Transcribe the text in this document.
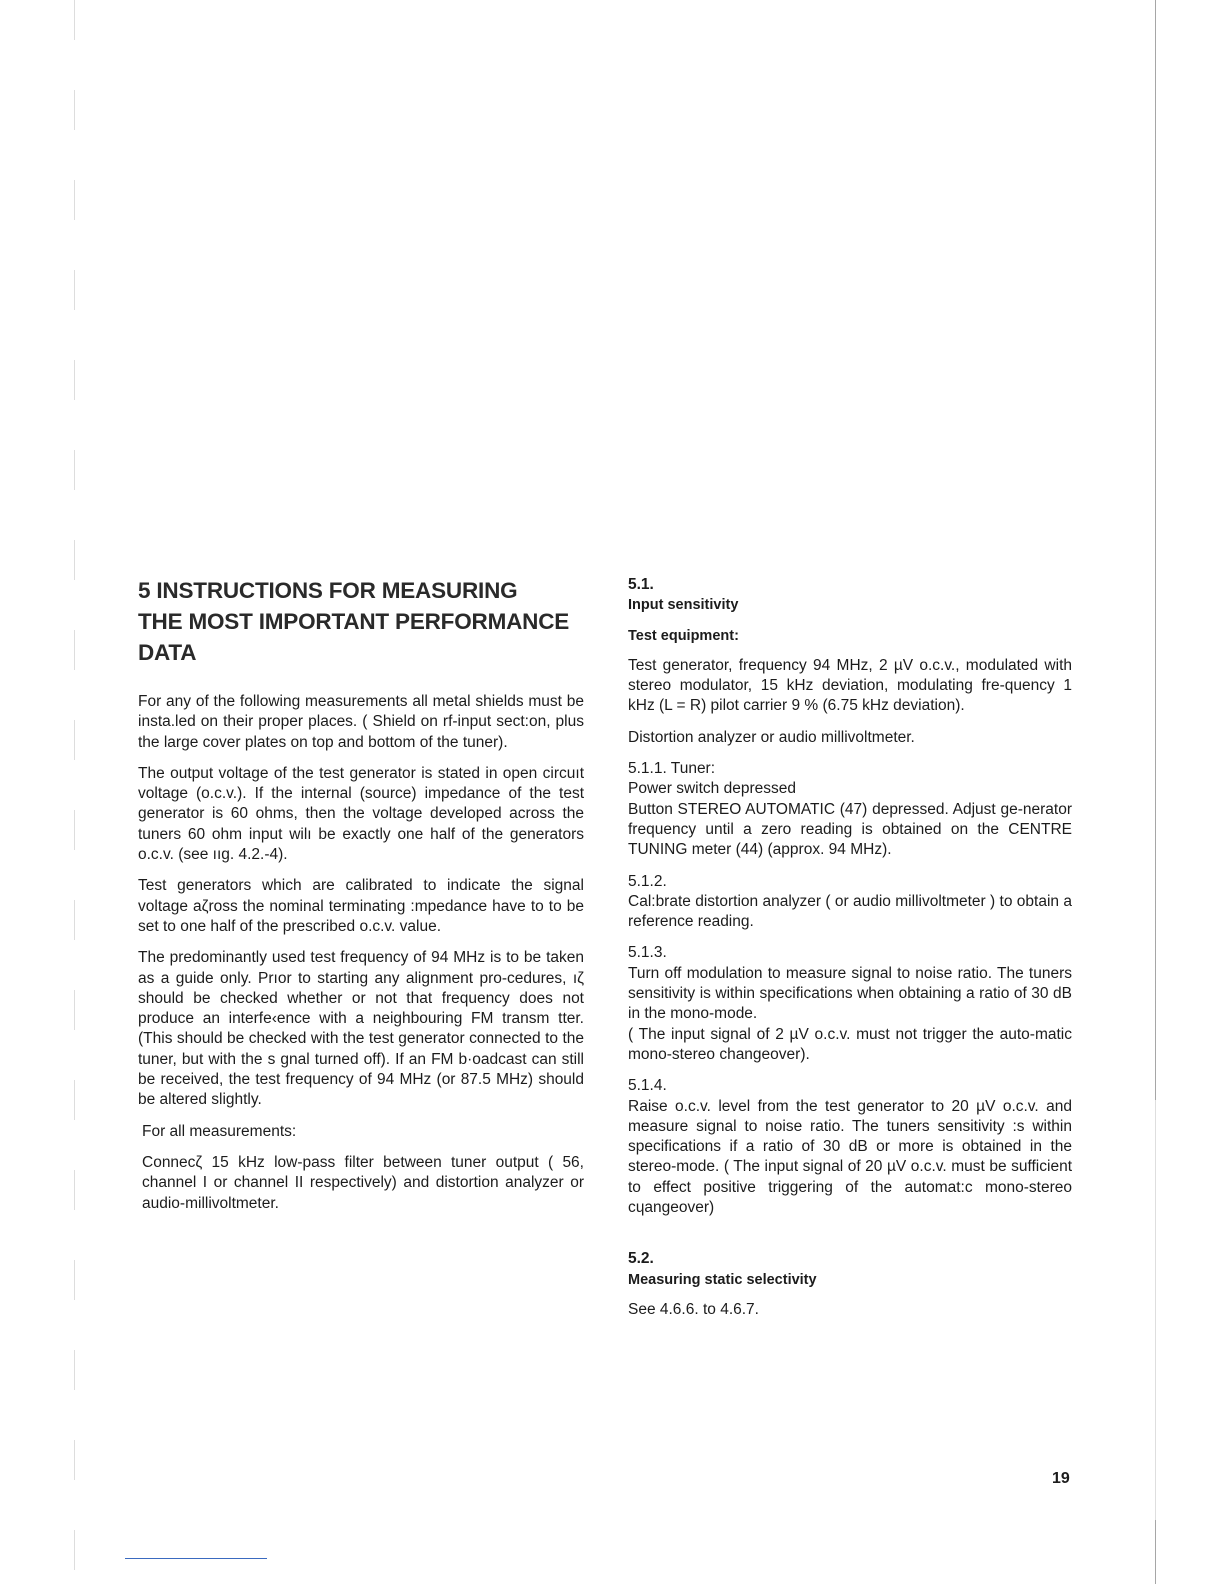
5 INSTRUCTIONS FOR MEASURING
THE MOST IMPORTANT PERFORMANCE
DATA

For any of the following measurements all metal shields must be insta.led on their proper places. ( Shield on rf-input sect:on, plus the large cover plates on top and bottom of the tuner).

The output voltage of the test generator is stated in open circuıt voltage (o.c.v.). If the internal (source) impedance of the test generator is 60 ohms, then the voltage developed across the tuners 60 ohm input wilı be exactly one half of the generators o.c.v. (see ııg. 4.2.-4).

Test generators which are calibrated to indicate the signal voltage aζross the nominal terminating :mpedance have to to be set to one half of the prescribed o.c.v. value.

The predominantly used test frequency of 94 MHz is to be taken as a guide only. Prıor to starting any alignment pro-cedures, ıζ should be checked whether or not that frequency does not produce an interfe‹ence with a neighbouring FM transm tter. (This should be checked with the test generator connected to the tuner, but with the s gnal turned off). If an FM b·oadcast can still be received, the test frequency of 94 MHz (or 87.5 MHz) should be altered slightly.

For all measurements:

Connecζ 15 kHz low-pass filter between tuner output ( 56, channel I or channel II respectively) and distortion analyzer or audio-millivoltmeter.

5.1.
Input sensitivity
Test equipment:

Test generator, frequency 94 MHz, 2 µV o.c.v., modulated with stereo modulator, 15 kHz deviation, modulating fre-quency 1 kHz (L = R) pilot carrier 9 % (6.75 kHz deviation).

Distortion analyzer or audio millivoltmeter.

5.1.1. Tuner:
Power switch depressed

Button STEREO AUTOMATIC (47) depressed. Adjust ge-nerator frequency until a zero reading is obtained on the CENTRE TUNING meter (44) (approx. 94 MHz).

5.1.2.

Cal:brate distortion analyzer ( or audio millivoltmeter ) to obtain a reference reading.

5.1.3.

Turn off modulation to measure signal to noise ratio. The tuners sensitivity is within specifications when obtaining a ratio of 30 dB in the mono-mode.

( The input signal of 2 µV o.c.v. must not trigger the auto-matic mono-stereo changeover).

5.1.4.

Raise o.c.v. level from the test generator to 20 µV o.c.v. and measure signal to noise ratio. The tuners sensitivity :s within specifications if a ratio of 30 dB or more is obtained in the stereo-mode. ( The input signal of 20 µV o.c.v. must be sufficient to effect positive triggering of the automat:c mono-stereo cɥangeover)

5.2.
Measuring static selectivity

See 4.6.6. to 4.6.7.

19
